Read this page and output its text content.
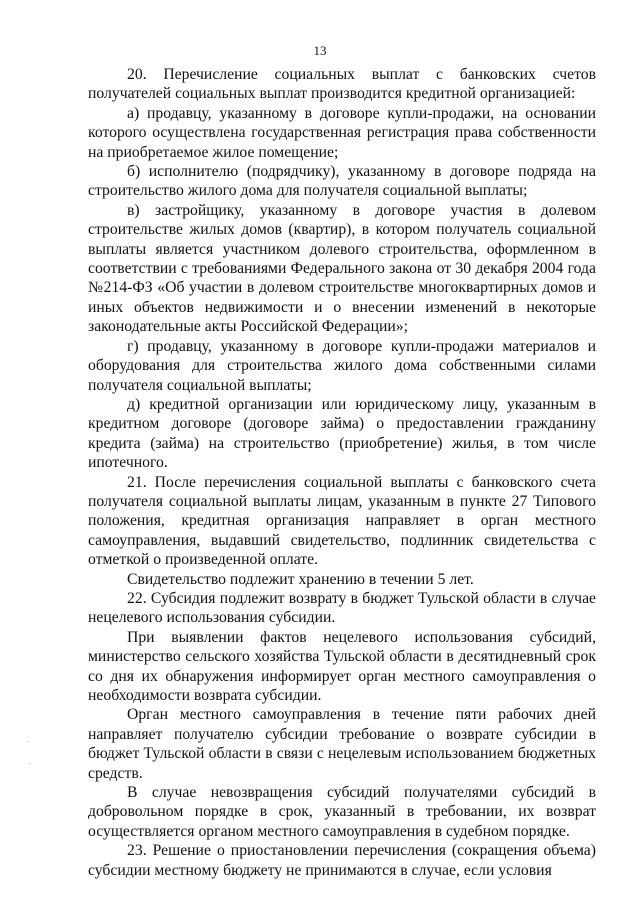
13

20. Перечисление социальных выплат с банковских счетов получателей социальных выплат производится кредитной организацией:

а) продавцу, указанному в договоре купли-продажи, на основании которого осуществлена государственная регистрация права собственности на приобретаемое жилое помещение;

б) исполнителю (подрядчику), указанному в договоре подряда на строительство жилого дома для получателя социальной выплаты;

в) застройщику, указанному в договоре участия в долевом строительстве жилых домов (квартир), в котором получатель социальной выплаты является участником долевого строительства, оформленном в соответствии с требованиями Федерального закона от 30 декабря 2004 года №214-ФЗ «Об участии в долевом строительстве многоквартирных домов и иных объектов недвижимости и о внесении изменений в некоторые законодательные акты Российской Федерации»;

г) продавцу, указанному в договоре купли-продажи материалов и оборудования для строительства жилого дома собственными силами получателя социальной выплаты;

д) кредитной организации или юридическому лицу, указанным в кредитном договоре (договоре займа) о предоставлении гражданину кредита (займа) на строительство (приобретение) жилья, в том числе ипотечного.

21. После перечисления социальной выплаты с банковского счета получателя социальной выплаты лицам, указанным в пункте 27 Типового положения, кредитная организация направляет в орган местного самоуправления, выдавший свидетельство, подлинник свидетельства с отметкой о произведенной оплате.

Свидетельство подлежит хранению в течении 5 лет.

22. Субсидия подлежит возврату в бюджет Тульской области в случае нецелевого использования субсидии.

При выявлении фактов нецелевого использования субсидий, министерство сельского хозяйства Тульской области в десятидневный срок со дня их обнаружения информирует орган местного самоуправления о необходимости возврата субсидии.

Орган местного самоуправления в течение пяти рабочих дней направляет получателю субсидии требование о возврате субсидии в бюджет Тульской области в связи с нецелевым использованием бюджетных средств.

В случае невозвращения субсидий получателями субсидий в добровольном порядке в срок, указанный в требовании, их возврат осуществляется органом местного самоуправления в судебном порядке.

23. Решение о приостановлении перечисления (сокращения объема) субсидии местному бюджету не принимаются в случае, если условия
